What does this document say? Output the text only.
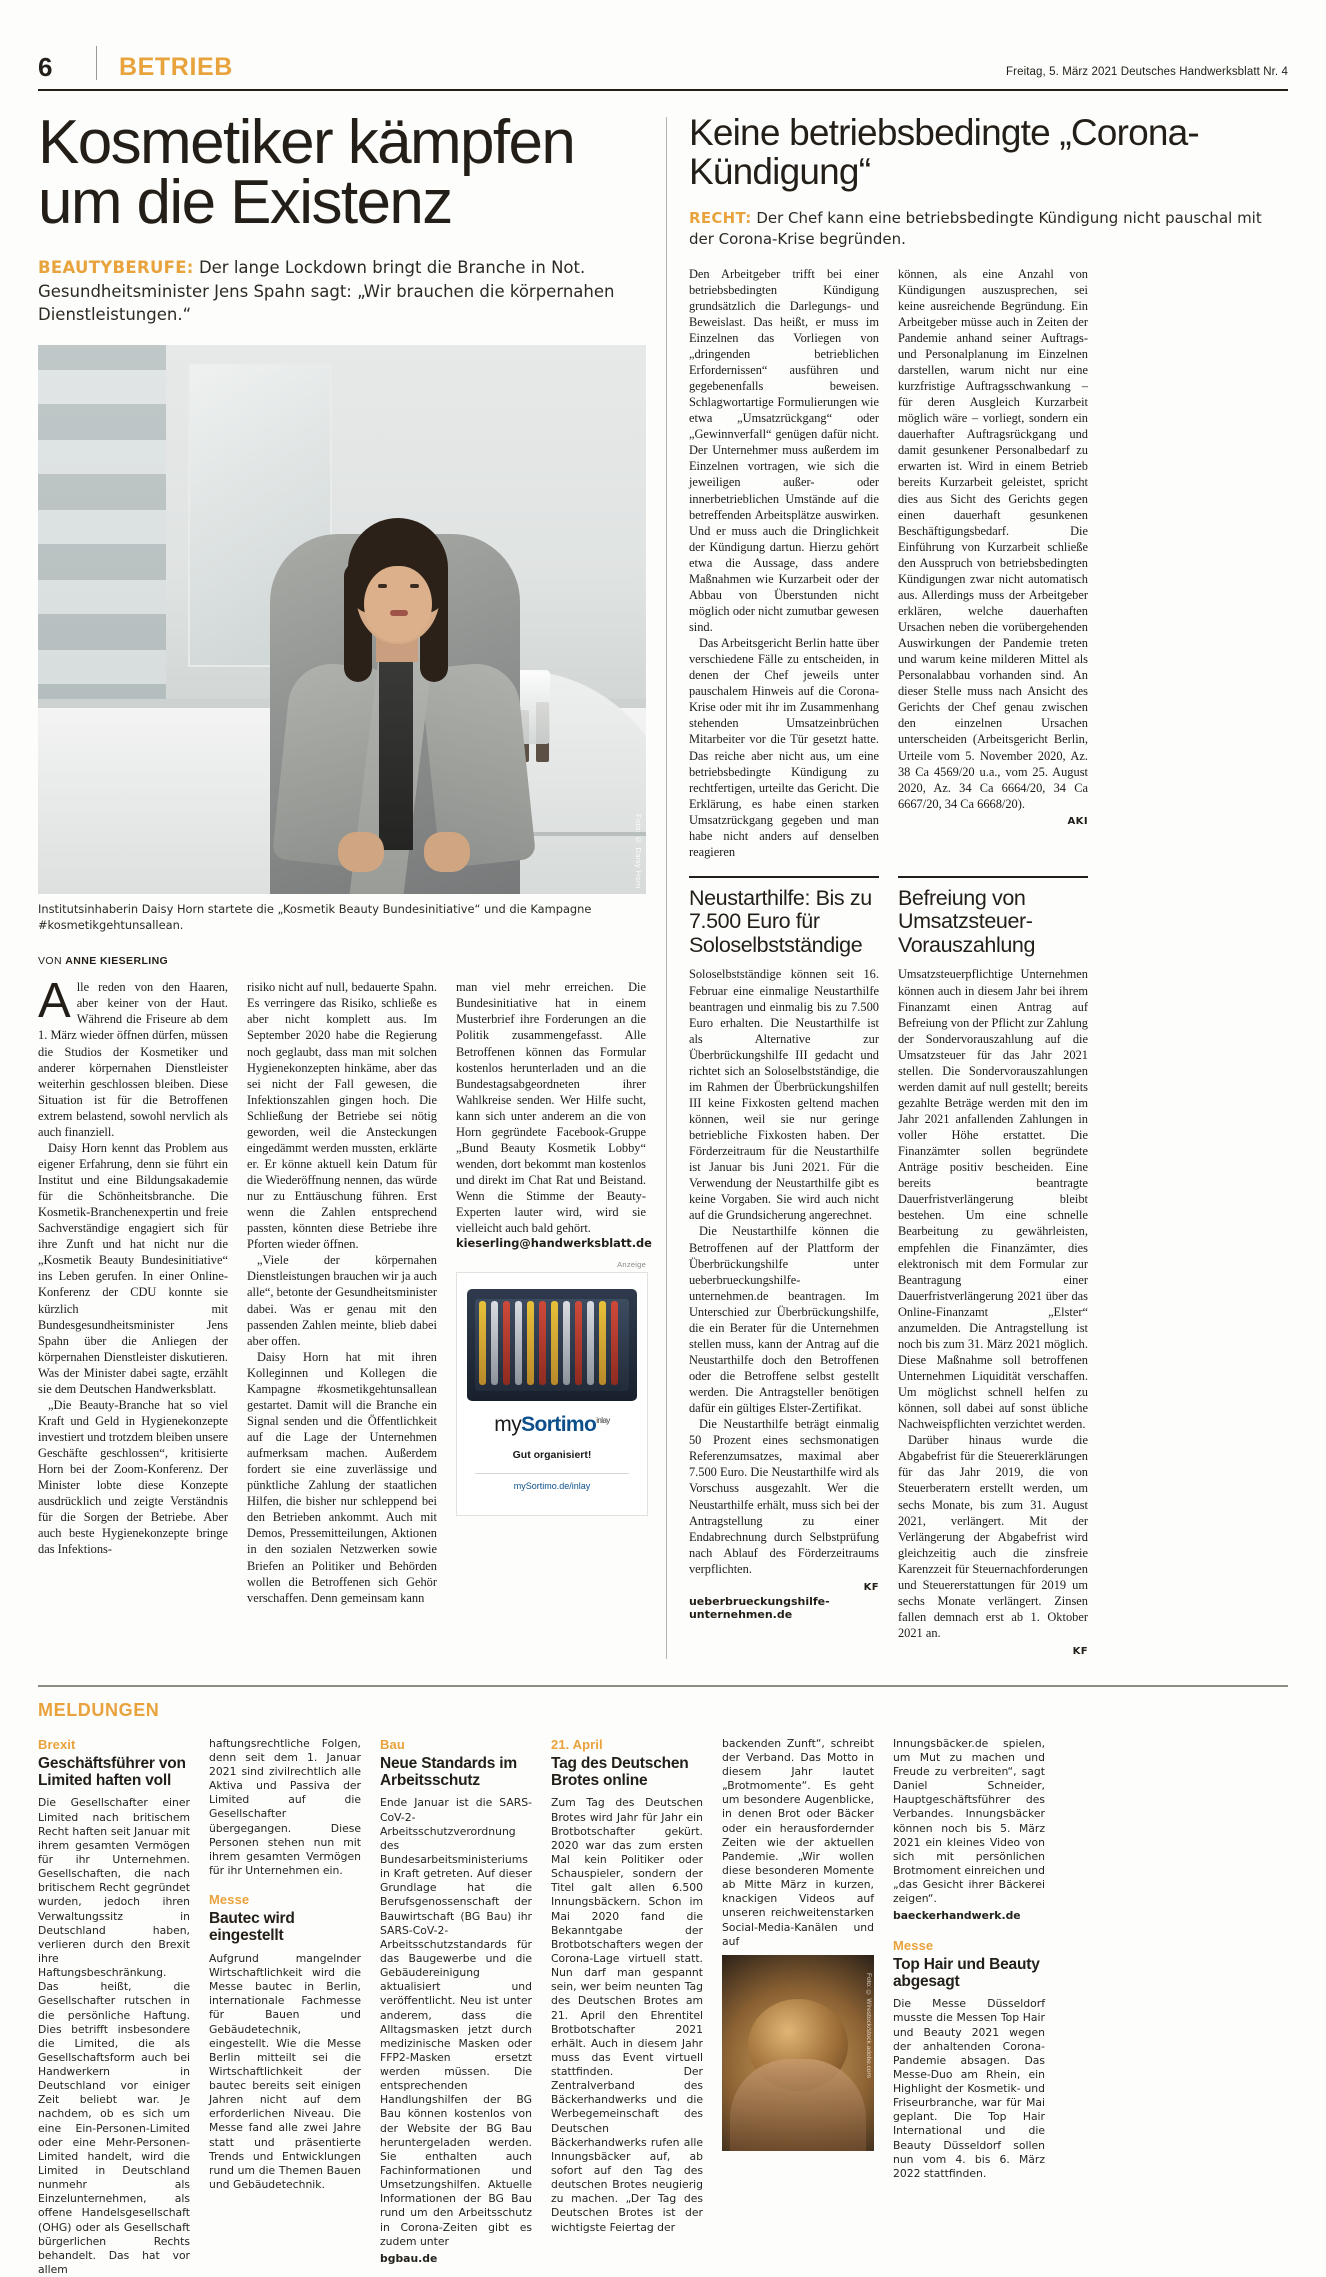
6	BETRIEB	Freitag, 5. März 2021 Deutsches Handwerksblatt Nr. 4
Kosmetiker kämpfen um die Existenz
BEAUTYBERUFE: Der lange Lockdown bringt die Branche in Not. Gesundheitsminister Jens Spahn sagt: „Wir brauchen die körpernahen Dienstleistungen.“
Foto: © Daisy Horn
Institutsinhaberin Daisy Horn startete die „Kosmetik Beauty Bundesinitiative“ und die Kampagne #kosmetikgehtunsallean.
VON ANNE KIESERLING

Alle reden von den Haaren, aber keiner von der Haut. Während die Friseure ab dem 1. März wieder öffnen dürfen, müssen die Studios der Kosmetiker und anderer körpernahen Dienstleister weiterhin geschlossen bleiben. Diese Situation ist für die Betroffenen extrem belastend, sowohl nervlich als auch finanziell.

Daisy Horn kennt das Problem aus eigener Erfahrung, denn sie führt ein Institut und eine Bildungsakademie für die Schönheitsbranche. Die Kosmetik-Branchenexpertin und freie Sachverständige engagiert sich für ihre Zunft und hat nicht nur die „Kosmetik Beauty Bundesinitiative“ ins Leben gerufen. In einer Online-Konferenz der CDU konnte sie kürzlich mit Bundesgesundheitsminister Jens Spahn über die Anliegen der körpernahen Dienstleister diskutieren. Was der Minister dabei sagte, erzählt sie dem Deutschen Handwerksblatt.

„Die Beauty-Branche hat so viel Kraft und Geld in Hygienekonzepte investiert und trotzdem bleiben unsere Geschäfte geschlossen“, kritisierte Horn bei der Zoom-Konferenz. Der Minister lobte diese Konzepte ausdrücklich und zeigte Verständnis für die Sorgen der Betriebe. Aber auch beste Hygienekonzepte bringe das Infektions-

risiko nicht auf null, bedauerte Spahn. Es verringere das Risiko, schließe es aber nicht komplett aus. Im September 2020 habe die Regierung noch geglaubt, dass man mit solchen Hygienekonzepten hinkäme, aber das sei nicht der Fall gewesen, die Infektionszahlen gingen hoch. Die Schließung der Betriebe sei nötig geworden, weil die Ansteckungen eingedämmt werden mussten, erklärte er. Er könne aktuell kein Datum für die Wiederöffnung nennen, das würde nur zu Enttäuschung führen. Erst wenn die Zahlen entsprechend passten, könnten diese Betriebe ihre Pforten wieder öffnen.

„Viele der körpernahen Dienstleistungen brauchen wir ja auch alle“, betonte der Gesundheitsminister dabei. Was er genau mit den passenden Zahlen meinte, blieb dabei aber offen.

Daisy Horn hat mit ihren Kolleginnen und Kollegen die Kampagne #kosmetikgehtunsallean gestartet. Damit will die Branche ein Signal senden und die Öffentlichkeit auf die Lage der Unternehmen aufmerksam machen. Außerdem fordert sie eine zuverlässige und pünktliche Zahlung der staatlichen Hilfen, die bisher nur schleppend bei den Betrieben ankommt. Auch mit Demos, Pressemitteilungen, Aktionen in den sozialen Netzwerken sowie Briefen an Politiker und Behörden wollen die Betroffenen sich Gehör verschaffen. Denn gemeinsam kann

man viel mehr erreichen. Die Bundesinitiative hat in einem Musterbrief ihre Forderungen an die Politik zusammengefasst. Alle Betroffenen können das Formular kostenlos herunterladen und an die Bundestagsabgeordneten ihrer Wahlkreise senden. Wer Hilfe sucht, kann sich unter anderem an die von Horn gegründete Facebook-Gruppe „Bund Beauty Kosmetik Lobby“ wenden, dort bekommt man kostenlos und direkt im Chat Rat und Beistand. Wenn die Stimme der Beauty-Experten lauter wird, wird sie vielleicht auch bald gehört.

kieserling@handwerksblatt.de
Anzeige
mySortimo$^{inlay}$
Gut organisiert!
mySortimo.de/inlay
Keine betriebsbedingte „Corona-Kündigung“
RECHT: Der Chef kann eine betriebsbedingte Kündigung nicht pauschal mit der Corona-Krise begründen.

Den Arbeitgeber trifft bei einer betriebsbedingten Kündigung grundsätzlich die Darlegungs- und Beweislast. Das heißt, er muss im Einzelnen das Vorliegen von „dringenden betrieblichen Erfordernissen“ ausführen und gegebenenfalls beweisen. Schlagwortartige Formulierungen wie etwa „Umsatzrückgang“ oder „Gewinnverfall“ genügen dafür nicht. Der Unternehmer muss außerdem im Einzelnen vortragen, wie sich die jeweiligen außer- oder innerbetrieblichen Umstände auf die betreffenden Arbeitsplätze auswirken. Und er muss auch die Dringlichkeit der Kündigung dartun. Hierzu gehört etwa die Aussage, dass andere Maßnahmen wie Kurzarbeit oder der Abbau von Überstunden nicht möglich oder nicht zumutbar gewesen sind.

Das Arbeitsgericht Berlin hatte über verschiedene Fälle zu entscheiden, in denen der Chef jeweils unter pauschalem Hinweis auf die Corona-Krise oder mit ihr im Zusammenhang stehenden Umsatzeinbrüchen Mitarbeiter vor die Tür gesetzt hatte. Das reiche aber nicht aus, um eine betriebsbedingte Kündigung zu rechtfertigen, urteilte das Gericht. Die Erklärung, es habe einen starken Umsatzrückgang gegeben und man habe nicht anders auf denselben reagieren

können, als eine Anzahl von Kündigungen auszusprechen, sei keine ausreichende Begründung. Ein Arbeitgeber müsse auch in Zeiten der Pandemie anhand seiner Auftrags- und Personalplanung im Einzelnen darstellen, warum nicht nur eine kurzfristige Auftragsschwankung – für deren Ausgleich Kurzarbeit möglich wäre – vorliegt, sondern ein dauerhafter Auftragsrückgang und damit gesunkener Personalbedarf zu erwarten ist. Wird in einem Betrieb bereits Kurzarbeit geleistet, spricht dies aus Sicht des Gerichts gegen einen dauerhaft gesunkenen Beschäftigungsbedarf. Die Einführung von Kurzarbeit schließe den Ausspruch von betriebsbedingten Kündigungen zwar nicht automatisch aus. Allerdings muss der Arbeitgeber erklären, welche dauerhaften Ursachen neben die vorübergehenden Auswirkungen der Pandemie treten und warum keine milderen Mittel als Personalabbau vorhanden sind. An dieser Stelle muss nach Ansicht des Gerichts der Chef genau zwischen den einzelnen Ursachen unterscheiden (Arbeitsgericht Berlin, Urteile vom 5. November 2020, Az. 38 Ca 4569/20 u.a., vom 25. August 2020, Az. 34 Ca 6664/20, 34 Ca 6667/20, 34 Ca 6668/20).

AKI
Neustarthilfe: Bis zu 7.500 Euro für Soloselbstständige

Soloselbstständige können seit 16. Februar eine einmalige Neustarthilfe beantragen und einmalig bis zu 7.500 Euro erhalten. Die Neustarthilfe ist als Alternative zur Überbrückungshilfe III gedacht und richtet sich an Soloselbstständige, die im Rahmen der Überbrückungshilfen III keine Fixkosten geltend machen können, weil sie nur geringe betriebliche Fixkosten haben. Der Förderzeitraum für die Neustarthilfe ist Januar bis Juni 2021. Für die Verwendung der Neustarthilfe gibt es keine Vorgaben. Sie wird auch nicht auf die Grundsicherung angerechnet.

Die Neustarthilfe können die Betroffenen auf der Plattform der Überbrückungshilfe unter ueberbrueckungshilfe-unternehmen.de beantragen. Im Unterschied zur Überbrückungshilfe, die ein Berater für die Unternehmen stellen muss, kann der Antrag auf die Neustarthilfe doch den Betroffenen oder die Betroffene selbst gestellt werden. Die Antragsteller benötigen dafür ein gültiges Elster-Zertifikat.

Die Neustarthilfe beträgt einmalig 50 Prozent eines sechsmonatigen Referenzumsatzes, maximal aber 7.500 Euro. Die Neustarthilfe wird als Vorschuss ausgezahlt. Wer die Neustarthilfe erhält, muss sich bei der Antragstellung zu einer Endabrechnung durch Selbstprüfung nach Ablauf des Förderzeitraums verpflichten.

KF
ueberbrueckungshilfe-unternehmen.de
Befreiung von Umsatzsteuer-Vorauszahlung

Umsatzsteuerpflichtige Unternehmen können auch in diesem Jahr bei ihrem Finanzamt einen Antrag auf Befreiung von der Pflicht zur Zahlung der Sondervorauszahlung auf die Umsatzsteuer für das Jahr 2021 stellen. Die Sondervorauszahlungen werden damit auf null gestellt; bereits gezahlte Beträge werden mit den im Jahr 2021 anfallenden Zahlungen in voller Höhe erstattet. Die Finanzämter sollen begründete Anträge positiv bescheiden. Eine bereits beantragte Dauerfristverlängerung bleibt bestehen. Um eine schnelle Bearbeitung zu gewährleisten, empfehlen die Finanzämter, dies elektronisch mit dem Formular zur Beantragung einer Dauerfristverlängerung 2021 über das Online-Finanzamt „Elster“ anzumelden. Die Antragstellung ist noch bis zum 31. März 2021 möglich. Diese Maßnahme soll betroffenen Unternehmen Liquidität verschaffen. Um möglichst schnell helfen zu können, soll dabei auf sonst übliche Nachweispflichten verzichtet werden.

Darüber hinaus wurde die Abgabefrist für die Steuererklärungen für das Jahr 2019, die von Steuerberatern erstellt werden, um sechs Monate, bis zum 31. August 2021, verlängert. Mit der Verlängerung der Abgabefrist wird gleichzeitig auch die zinsfreie Karenzzeit für Steuernachforderungen und Steuererstattungen für 2019 um sechs Monate verlängert. Zinsen fallen demnach erst ab 1. Oktober 2021 an.

KF
MELDUNGEN
Brexit
Geschäftsführer von Limited haften voll

Die Gesellschafter einer Limited nach britischem Recht haften seit Januar mit ihrem gesamten Vermögen für ihr Unternehmen. Gesellschaften, die nach britischem Recht gegründet wurden, jedoch ihren Verwaltungssitz in Deutschland haben, verlieren durch den Brexit ihre Haftungsbeschränkung. Das heißt, die Gesellschafter rutschen in die persönliche Haftung. Dies betrifft insbesondere die Limited, die als Gesellschaftsform auch bei Handwerkern in Deutschland vor einiger Zeit beliebt war. Je nachdem, ob es sich um eine Ein-Personen-Limited oder eine Mehr-Personen-Limited handelt, wird die Limited in Deutschland nunmehr als Einzelunternehmen, als offene Handelsgesellschaft (OHG) oder als Gesellschaft bürgerlichen Rechts behandelt. Das hat vor allem

haftungsrechtliche Folgen, denn seit dem 1. Januar 2021 sind zivilrechtlich alle Aktiva und Passiva der Limited auf die Gesellschafter übergegangen. Diese Personen stehen nun mit ihrem gesamten Vermögen für ihr Unternehmen ein.

Messe
Bautec wird eingestellt

Aufgrund mangelnder Wirtschaftlichkeit wird die Messe bautec in Berlin, internationale Fachmesse für Bauen und Gebäudetechnik, eingestellt. Wie die Messe Berlin mitteilt sei die Wirtschaftlichkeit der bautec bereits seit einigen Jahren nicht auf dem erforderlichen Niveau. Die Messe fand alle zwei Jahre statt und präsentierte Trends und Entwicklungen rund um die Themen Bauen und Gebäudetechnik.

Bau
Neue Standards im Arbeitsschutz

Ende Januar ist die SARS-CoV-2-Arbeitsschutzverordnung des Bundesarbeitsministeriums in Kraft getreten. Auf dieser Grundlage hat die Berufsgenossenschaft der Bauwirtschaft (BG Bau) ihr SARS-CoV-2-Arbeitsschutzstandards für das Baugewerbe und die Gebäudereinigung aktualisiert und veröffentlicht. Neu ist unter anderem, dass die Alltagsmasken jetzt durch medizinische Masken oder FFP2-Masken ersetzt werden müssen. Die entsprechenden Handlungshilfen der BG Bau können kostenlos von der Website der BG Bau heruntergeladen werden. Sie enthalten auch Fachinformationen und Umsetzungshilfen. Aktuelle Informationen der BG Bau rund um den Arbeitsschutz in Corona-Zeiten gibt es zudem unter

bgbau.de
21. April
Tag des Deutschen Brotes online

Zum Tag des Deutschen Brotes wird Jahr für Jahr ein Brotbotschafter gekürt. 2020 war das zum ersten Mal kein Politiker oder Schauspieler, sondern der Titel galt allen 6.500 Innungsbäckern. Schon im Mai 2020 fand die Bekanntgabe der Brotbotschafters wegen der Corona-Lage virtuell statt. Nun darf man gespannt sein, wer beim neunten Tag des Deutschen Brotes am 21. April den Ehrentitel Brotbotschafter 2021 erhält. Auch in diesem Jahr muss das Event virtuell stattfinden. Der Zentralverband des Bäckerhandwerks und die Werbegemeinschaft des Deutschen Bäckerhandwerks rufen alle Innungsbäcker auf, ab sofort auf den Tag des deutschen Brotes neugierig zu machen. „Der Tag des Deutschen Brotes ist der wichtigste Feiertag der

backenden Zunft“, schreibt der Verband. Das Motto in diesem Jahr lautet „Brotmomente“. Es geht um besondere Augenblicke, in denen Brot oder Bäcker oder ein herausfordernder Zeiten wie der aktuellen Pandemie. „Wir wollen diese besonderen Momente ab Mitte März in kurzen, knackigen Videos auf unseren reichweitenstarken Social-Media-Kanälen und auf

Foto: © Wirestock/stock.adobe.com

Innungsbäcker.de spielen, um Mut zu machen und Freude zu verbreiten“, sagt Daniel Schneider, Hauptgeschäftsführer des Verbandes. Innungsbäcker können noch bis 5. März 2021 ein kleines Video von sich mit persönlichen Brotmoment einreichen und „das Gesicht ihrer Bäckerei zeigen“.

baeckerhandwerk.de
Messe
Top Hair und Beauty abgesagt

Die Messe Düsseldorf musste die Messen Top Hair und Beauty 2021 wegen der anhaltenden Corona-Pandemie absagen. Das Messe-Duo am Rhein, ein Highlight der Kosmetik- und Friseurbranche, war für Mai geplant. Die Top Hair International und die Beauty Düsseldorf sollen nun vom 4. bis 6. März 2022 stattfinden.
